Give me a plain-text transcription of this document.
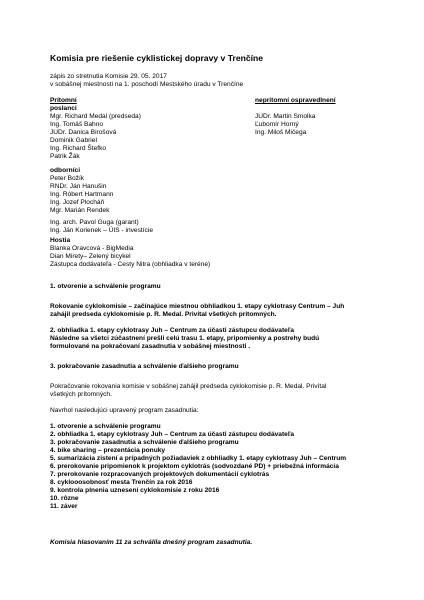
Komisia pre riešenie cyklistickej dopravy v Trenčíne
zápis zo stretnutia Komisie 29. 05. 2017
v sobášnej miestnosti na 1. poschodí Mestského úradu v Trenčíne
Prítomní	neprítomní ospravedlnení
poslanci
Mgr. Richard Medal (predseda)
Ing. Tomáš Bahno
JUDr. Danica Birošová
Dominik Gabriel
Ing. Richard Štefko
Patrik Žák
JUDr. Martin Smolka
Ľubomír Horný
Ing. Miloš Mičega
odborníci
Peter Božík
RNDr. Ján Hanušin
Ing. Róbert Hartmann
Ing. Jozef Plocháň
Mgr. Marián Rendek
Ing. arch. Pavol Guga (garant)
Ing. Ján Korienek – ÚIS - investície
Hostia
Blanka Oravcová - BigMedia
Dian Mirety– Zelený bicykel
Zástupca dodávateľa - Cesty Nitra (obhliadka v teréne)
1. otvorenie a schválenie programu
Rokovanie cyklokomisie – začínajúce miestnou obhliadkou 1. etapy cyklotrasy Centrum – Juh
zahájil predseda cyklokomisie p. R. Medal. Privítal všetkých prítomných.
2. obhliadka 1. etapy cyklotrasy Juh – Centrum za účasti zástupcu dodávateľa
Následne sa všetci zúčastnení prešli celú trasu 1. etapy, pripomienky a postrehy budú
formulované na pokračovaní zasadnutia v sobášnej miestnosti .
3. pokračovanie zasadnutia a schválenie ďalšieho programu
Pokračovanie rokovania komisie v sobášnej zahájil predseda cyklokomisie p. R. Medal. Privítal
všetkých prítomných.
Navrhol nasledujúci upravený program zasadnutia:
1. otvorenie a schválenie programu
2. obhliadka 1. etapy cyklotrasy Juh – Centrum za účasti zástupcu dodávateľa
3. pokračovanie zasadnutia a schválenie ďalšieho programu
4. bike sharing – prezentácia ponuky
5. sumarizácia zistení a prípadných požiadaviek z obhliadky 1. etapy cyklotrasy Juh – Centrum
6. prerokovanie pripomienok k projektom cyklotrás (sodvozdané PD) + priebežná informácia
7. prerokovanie rozpracovaných projektových dokumentácií cyklotrás
8. cyklooosobnosť mesta Trenčín za rok 2016
9. kontrola plnenia uznesení cyklokomisie z roku 2016
10. rôzne
11. záver
Komisia hlasovaním 11 za schválila dnešný program zasadnutia.
